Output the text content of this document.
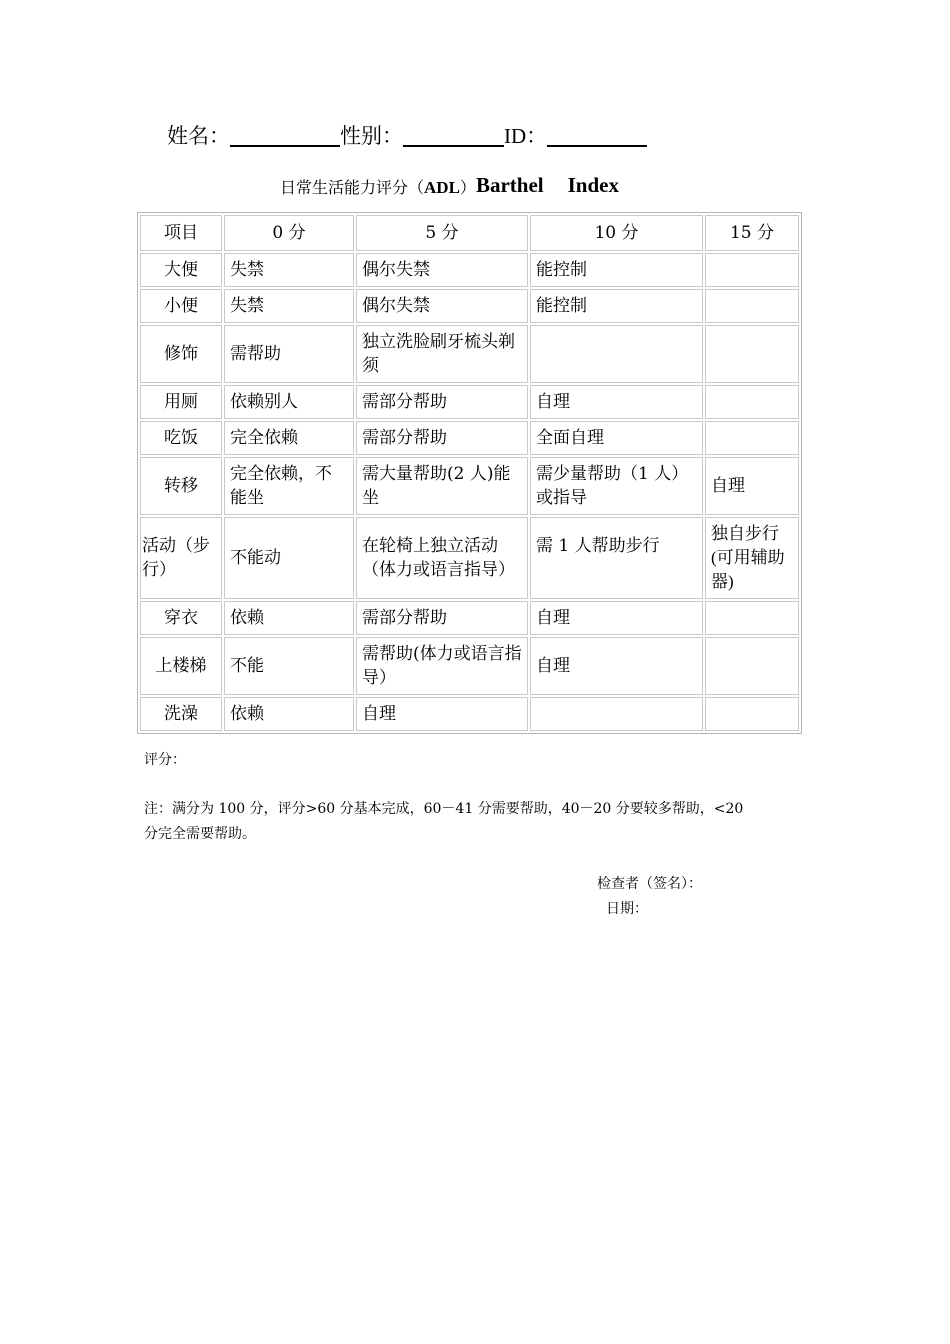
姓名：	性别：	ID：
日常生活能力评分（ADL）Barthel Index
项目	0 分	5 分	10 分	15 分
大便	失禁	偶尔失禁	能控制	
小便	失禁	偶尔失禁	能控制	
修饰	需帮助	独立洗脸刷牙梳头剃须		
用厕	依赖别人	需部分帮助	自理	
吃饭	完全依赖	需部分帮助	全面自理	
转移	完全依赖，不能坐	需大量帮助(2 人)能坐	需少量帮助（1 人）或指导	自理
活动（步行）	不能动	在轮椅上独立活动（体力或语言指导）	需 1 人帮助步行	独自步行(可用辅助器)
穿衣	依赖	需部分帮助	自理	
上楼梯	不能	需帮助(体力或语言指导）	自理	
洗澡	依赖	自理		
评分：
注：满分为 100 分，评分>60 分基本完成，60－41 分需要帮助，40－20 分要较多帮助，<20
分完全需要帮助。
检查者（签名）：
日期：
